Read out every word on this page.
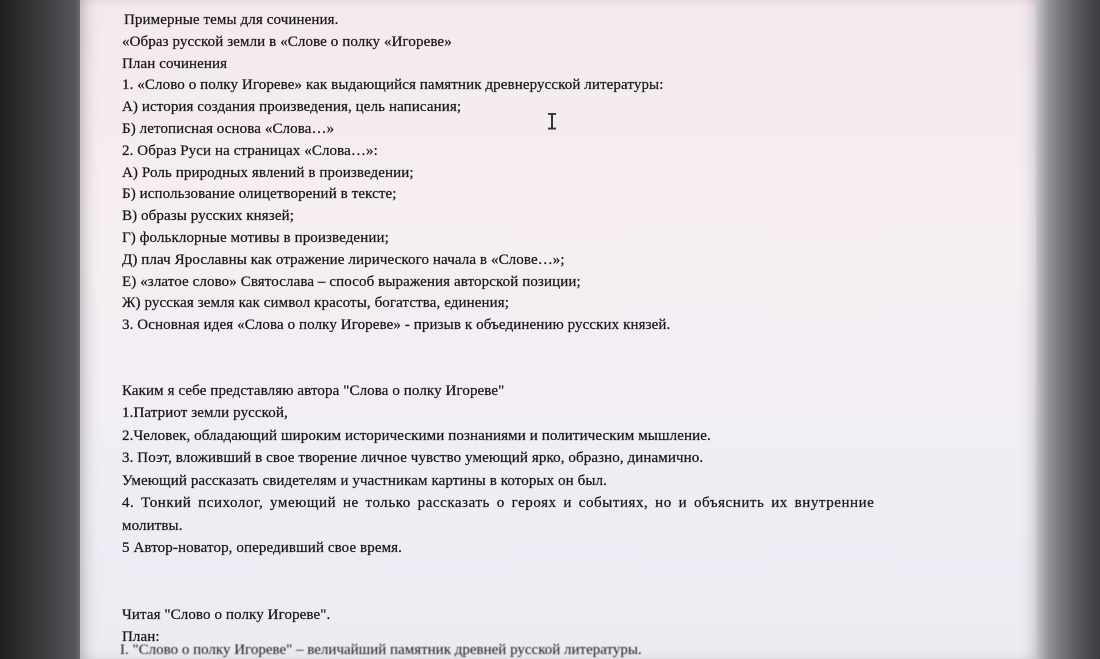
Примерные темы для сочинения.
«Образ русской земли в «Слове о полку «Игореве»
План сочинения
1. «Слово о полку Игореве» как выдающийся памятник древнерусской литературы:
А) история создания произведения, цель написания;
Б) летописная основа «Слова…»
2. Образ Руси на страницах «Слова…»:
А) Роль природных явлений в произведении;
Б) использование олицетворений в тексте;
В) образы русских князей;
Г) фольклорные мотивы в произведении;
Д) плач Ярославны как отражение лирического начала в «Слове…»;
Е) «златое слово» Святослава – способ выражения авторской позиции;
Ж) русская земля как символ красоты, богатства, единения;
3. Основная идея «Слова о полку Игореве» - призыв к объединению русских князей.
Каким я себе представляю автора "Слова о полку Игореве"
1.Патриот земли русской,
2.Человек, обладающий широким историческими познаниями и политическим мышление.
3. Поэт, вложивший в свое творение личное чувство умеющий ярко, образно, динамично.
Умеющий рассказать свидетелям и участникам картины в которых он был.
4. Тонкий психолог, умеющий не только рассказать о героях и событиях, но и объяснить их внутренние
молитвы.
5 Автор-новатор, опередивший свое время.
Читая "Слово о полку Игореве".
План:
I. "Слово о полку Игореве" – величайший памятник древней русской литературы.
I
